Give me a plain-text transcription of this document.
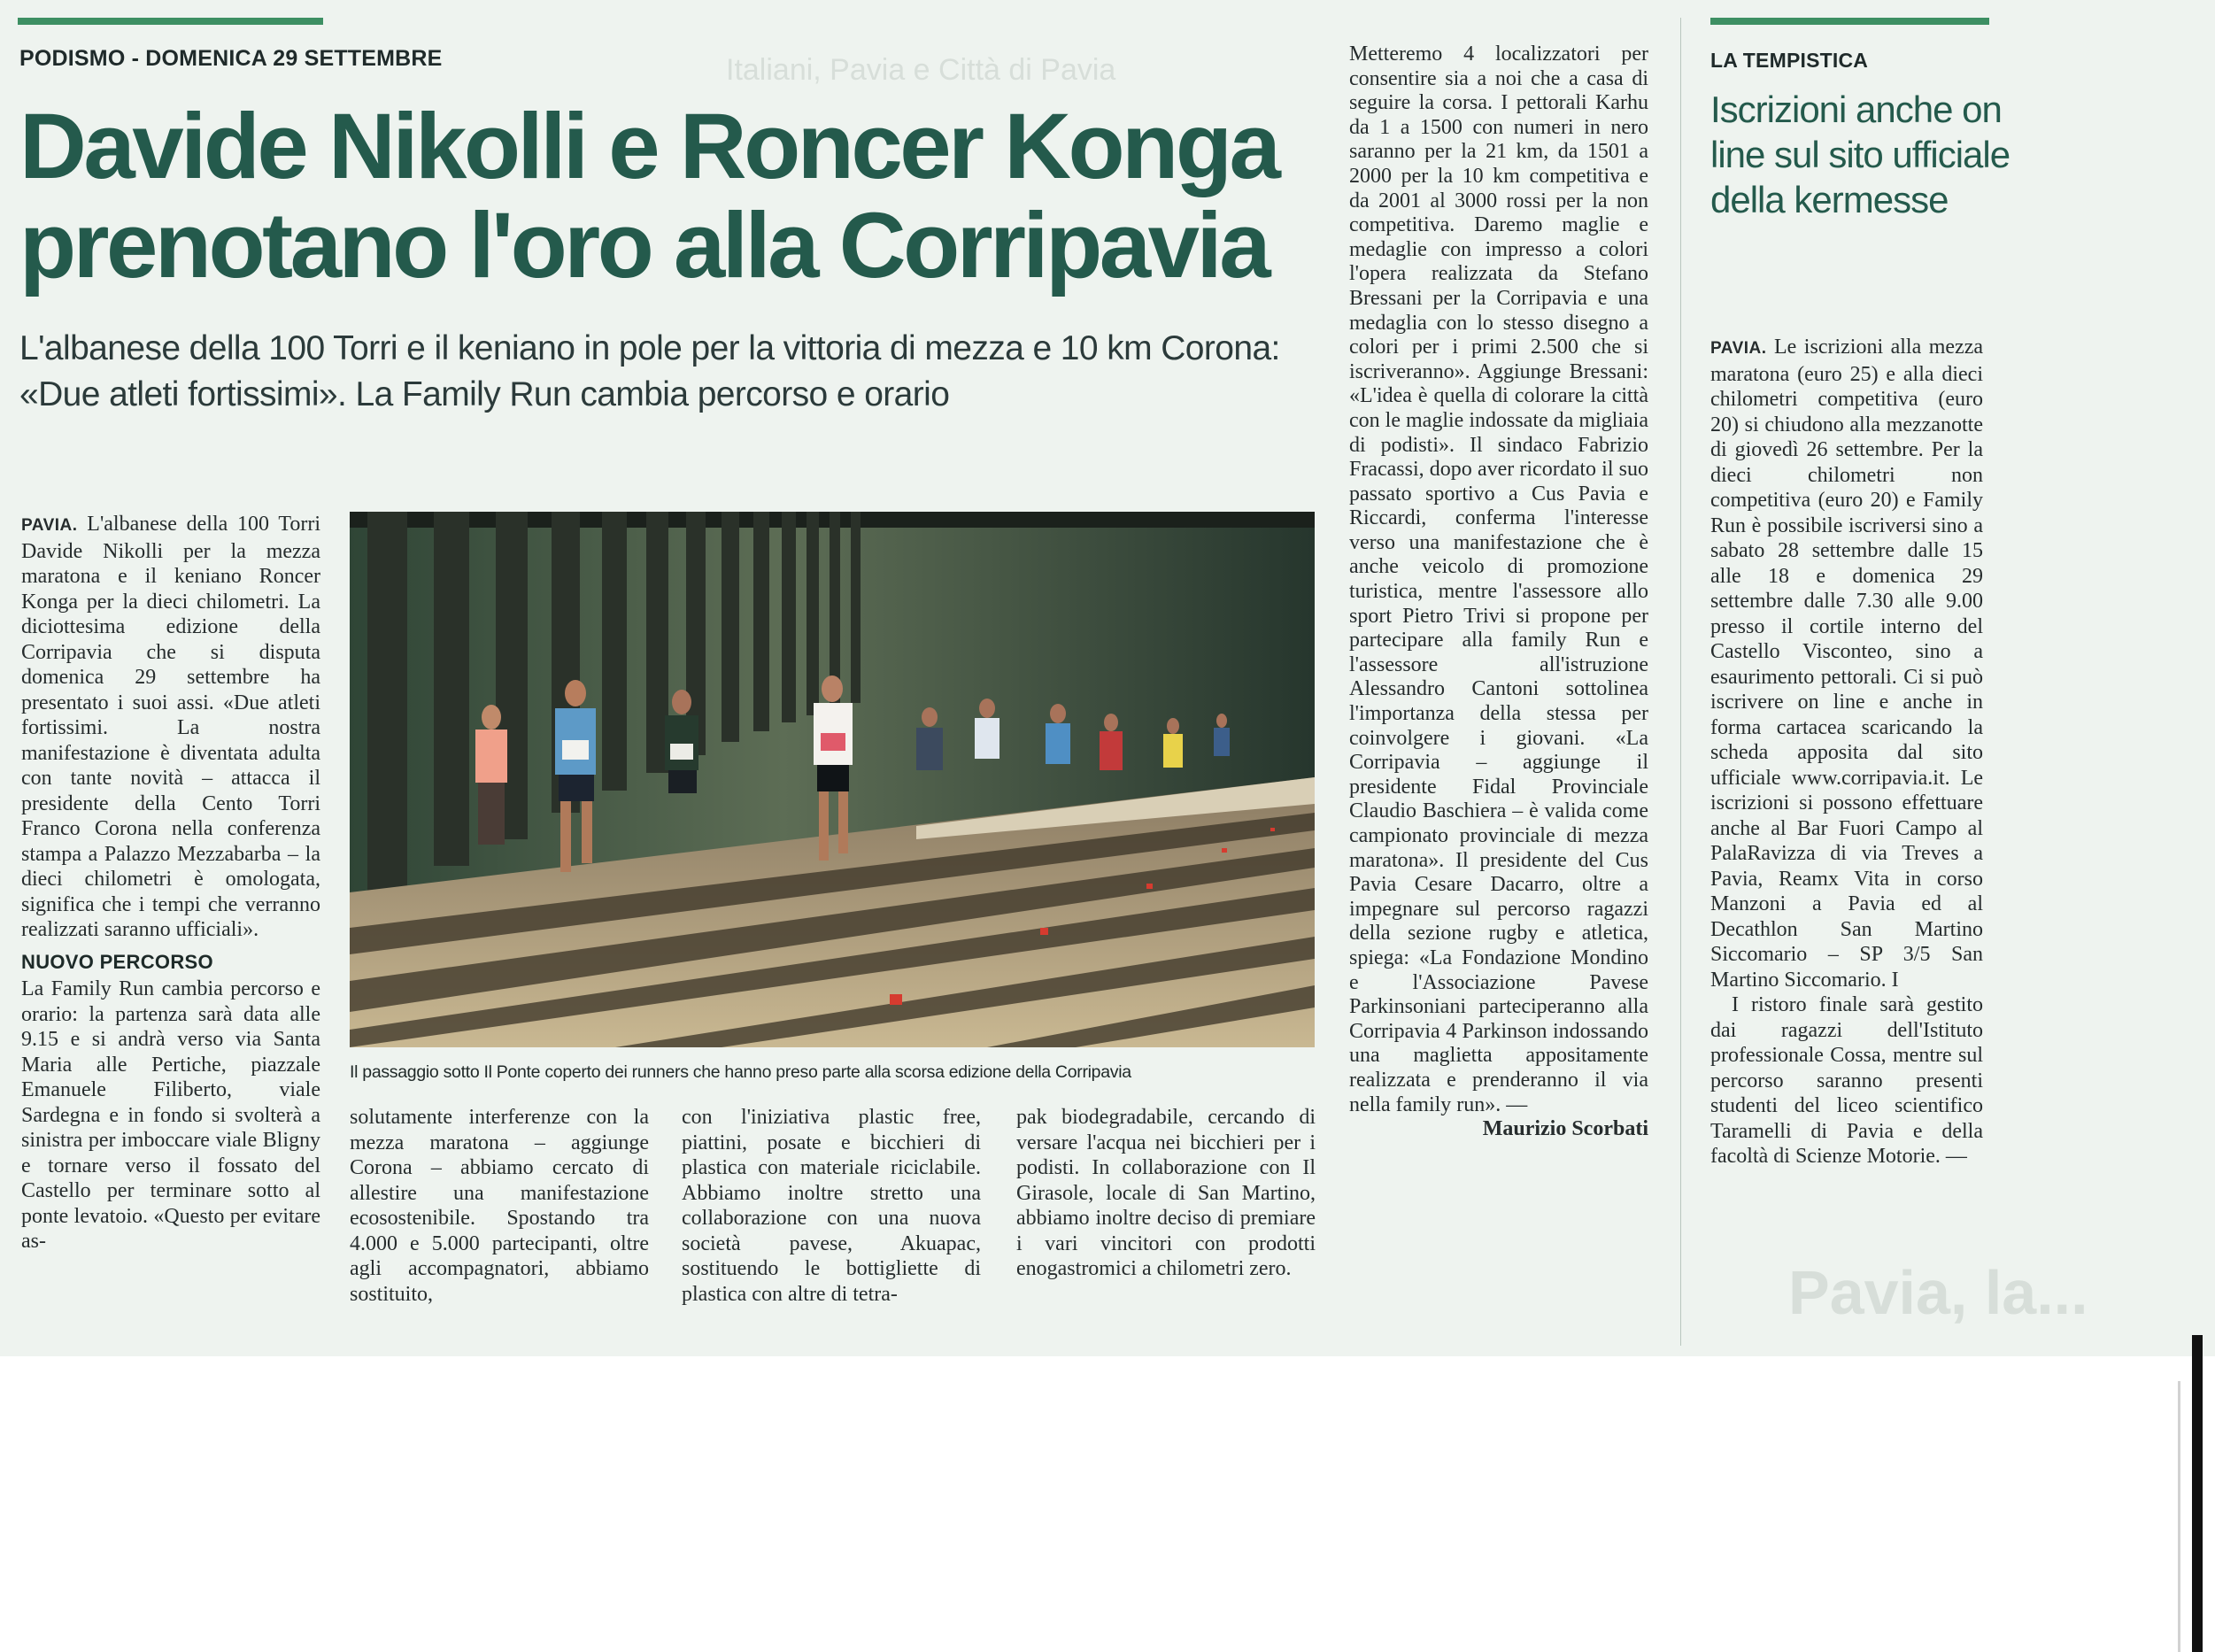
Italiani, Pavia e Città di Pavia
Pavia, la...
PODISMO - DOMENICA 29 SETTEMBRE
Davide Nikolli e Roncer Konga prenotano l'oro alla Corripavia
L'albanese della 100 Torri e il keniano in pole per la vittoria di mezza e 10 km Corona: «Due atleti fortissimi». La Family Run cambia percorso e orario

PAVIA. L'albanese della 100 Torri Davide Nikolli per la mezza maratona e il keniano Roncer Konga per la dieci chilometri. La diciottesima edizione della Corripavia che si disputa domenica 29 settembre ha presentato i suoi assi. «Due atleti fortissimi. La nostra manifestazione è diventata adulta con tante novità – attacca il presidente della Cento Torri Franco Corona nella conferenza stampa a Palazzo Mezzabarba – la dieci chilometri è omologata, significa che i tempi che verranno realizzati saranno ufficiali».

NUOVO PERCORSO

La Family Run cambia percorso e orario: la partenza sarà data alle 9.15 e si andrà verso via Santa Maria alle Pertiche, piazzale Emanuele Filiberto, viale Sardegna e in fondo si svolterà a sinistra per imboccare viale Bligny e tornare verso il fossato del Castello per terminare sotto al ponte levatoio. «Questo per evitare as-

Il passaggio sotto Il Ponte coperto dei runners che hanno preso parte alla scorsa edizione della Corripavia
solutamente interferenze con la mezza maratona – aggiunge Corona – abbiamo cercato di allestire una manifestazione ecosostenibile. Spostando tra 4.000 e 5.000 partecipanti, oltre agli accompagnatori, abbiamo sostituito,
con l'iniziativa plastic free, piattini, posate e bicchieri di plastica con materiale riciclabile. Abbiamo inoltre stretto una collaborazione con una nuova società pavese, Akuapac, sostituendo le bottigliette di plastica con altre di tetra-
pak biodegradabile, cercando di versare l'acqua nei bicchieri per i podisti. In collaborazione con Il Girasole, locale di San Martino, abbiamo inoltre deciso di premiare i vari vincitori con prodotti enogastromici a chilometri zero.

Metteremo 4 localizzatori per consentire sia a noi che a casa di seguire la corsa. I pettorali Karhu da 1 a 1500 con numeri in nero saranno per la 21 km, da 1501 a 2000 per la 10 km competitiva e da 2001 al 3000 rossi per la non competitiva. Daremo maglie e medaglie con impresso a colori l'opera realizzata da Stefano Bressani per la Corripavia e una medaglia con lo stesso disegno a colori per i primi 2.500 che si iscriveranno». Aggiunge Bressani: «L'idea è quella di colorare la città con le maglie indossate da migliaia di podisti». Il sindaco Fabrizio Fracassi, dopo aver ricordato il suo passato sportivo a Cus Pavia e Riccardi, conferma l'interesse verso una manifestazione che è anche veicolo di promozione turistica, mentre l'assessore allo sport Pietro Trivi si propone per partecipare alla family Run e l'assessore all'istruzione Alessandro Cantoni sottolinea l'importanza della stessa per coinvolgere i giovani. «La Corripavia – aggiunge il presidente Fidal Provinciale Claudio Baschiera – è valida come campionato provinciale di mezza maratona». Il presidente del Cus Pavia Cesare Dacarro, oltre a impegnare sul percorso ragazzi della sezione rugby e atletica, spiega: «La Fondazione Mondino e l'Associazione Pavese Parkinsoniani parteciperanno alla Corripavia 4 Parkinson indossando una maglietta appositamente realizzata e prenderanno il via nella family run». —

Maurizio Scorbati
LA TEMPISTICA
Iscrizioni anche on line sul sito ufficiale della kermesse

PAVIA. Le iscrizioni alla mezza maratona (euro 25) e alla dieci chilometri competitiva (euro 20) si chiudono alla mezzanotte di giovedì 26 settembre. Per la dieci chilometri non competitiva (euro 20) e Family Run è possibile iscriversi sino a sabato 28 settembre dalle 15 alle 18 e domenica 29 settembre dalle 7.30 alle 9.00 presso il cortile interno del Castello Visconteo, sino a esaurimento pettorali. Ci si può iscrivere on line e anche in forma cartacea scaricando la scheda apposita dal sito ufficiale www.corripavia.it. Le iscrizioni si possono effettuare anche al Bar Fuori Campo al PalaRavizza di via Treves a Pavia, Reamx Vita in corso Manzoni a Pavia ed al Decathlon San Martino Siccomario – SP 3/5 San Martino Siccomario. I

I ristoro finale sarà gestito dai ragazzi dell'Istituto professionale Cossa, mentre sul percorso saranno presenti studenti del liceo scientifico Taramelli di Pavia e della facoltà di Scienze Motorie. —
